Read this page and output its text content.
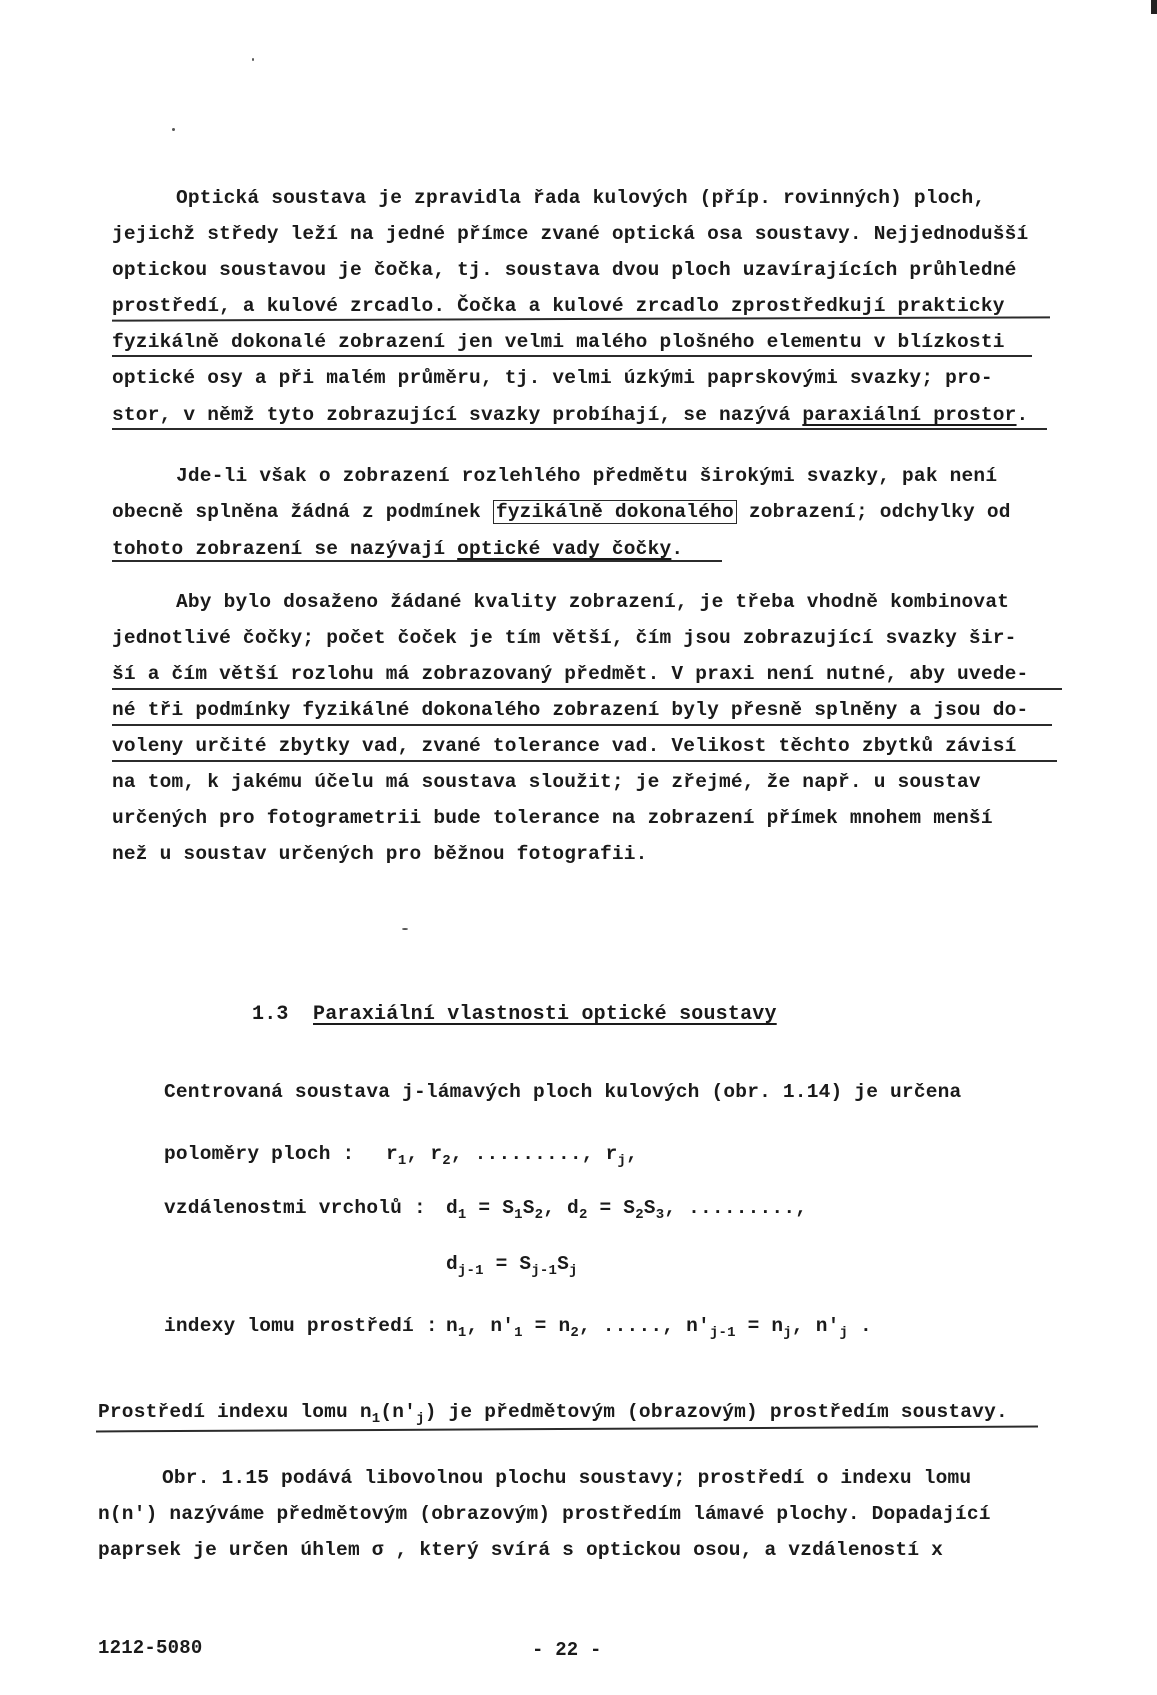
Optická soustava je zpravidla řada kulových (příp. rovinných) ploch,
jejichž středy leží na jedné přímce zvané optická osa soustavy. Nejjednodušší
optickou soustavou je čočka, tj. soustava dvou ploch uzavírajících průhledné
prostředí, a kulové zrcadlo. Čočka a kulové zrcadlo zprostředkují prakticky
fyzikálně dokonalé zobrazení jen velmi malého plošného elementu v blízkosti
optické osy a při malém průměru, tj. velmi úzkými paprskovými svazky; pro-
stor, v němž tyto zobrazující svazky probíhají, se nazývá paraxiální prostor.
Jde-li však o zobrazení rozlehlého předmětu širokými svazky, pak není
obecně splněna žádná z podmínek fyzikálně dokonalého zobrazení; odchylky od
tohoto zobrazení se nazývají optické vady čočky.
Aby bylo dosaženo žádané kvality zobrazení, je třeba vhodně kombinovat
jednotlivé čočky; počet čoček je tím větší, čím jsou zobrazující svazky šir-
ší a čím větší rozlohu má zobrazovaný předmět. V praxi není nutné, aby uvede-
né tři podmínky fyzikálné dokonalého zobrazení byly přesně splněny a jsou do-
voleny určité zbytky vad, zvané tolerance vad. Velikost těchto zbytků závisí
na tom, k jakému účelu má soustava sloužit; je zřejmé, že např. u soustav
určených pro fotogrametrii bude tolerance na zobrazení přímek mnohem menší
než u soustav určených pro běžnou fotografii.
1.3 Paraxiální vlastnosti optické soustavy
Centrovaná soustava j-lámavých ploch kulových (obr. 1.14) je určena
poloměry ploch : $r_1$, $r_2$, ........., $r_j$,
vzdálenostmi vrcholů : $d_1 = S_1S_2$, $d_2 = S_2S_3$, .........,
$d_{j-1} = S_{j-1}S_j$
indexy lomu prostředí : $n_1$, $n'_1 = n_2$, ....., $n'_{j-1} = n_j$, $n'_j$ .
Prostředí indexu lomu $n_1(n'_j)$ je předmětovým (obrazovým) prostředím soustavy.
Obr. 1.15 podává libovolnou plochu soustavy; prostředí o indexu lomu
n(n') nazýváme předmětovým (obrazovým) prostředím lámavé plochy. Dopadající
paprsek je určen úhlem σ , který svírá s optickou osou, a vzdáleností x
1212-5080	- 22 -
